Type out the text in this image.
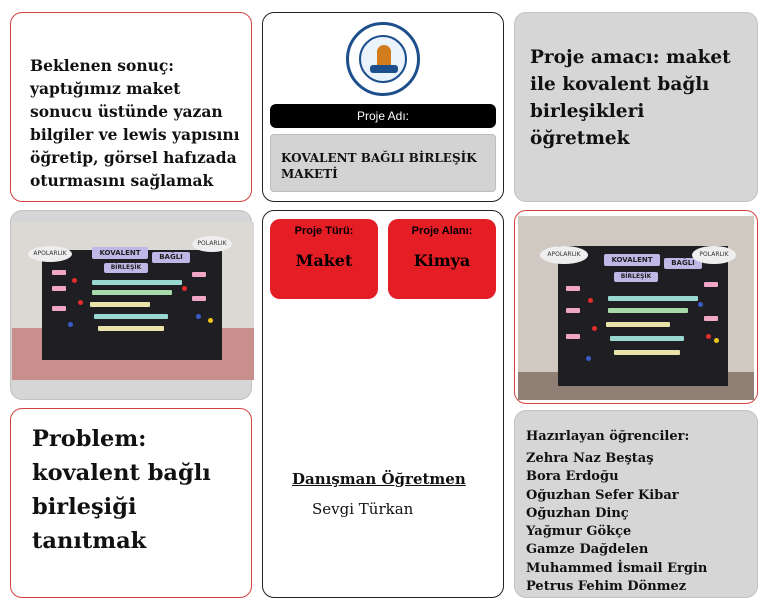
Beklenen sonuç: yaptığımız maket sonucu üstünde yazan bilgiler ve lewis yapısını öğretip, görsel hafızada oturmasını sağlamak
KOVALENT	BAĞLI
BİRLEŞİK
APOLARLIK
POLARLIK
Problem: kovalent bağlı birleşiği tanıtmak
Proje Adı:
KOVALENT BAĞLI BİRLEŞİK MAKETİ
Proje Türü:
Maket
Proje Alanı:
Kimya
Danışman Öğretmen
Sevgi Türkan
Proje amacı: maket ile kovalent bağlı birleşikleri öğretmek
KOVALENT	BAĞLI
BİRLEŞİK
APOLARLIK	POLARLIK
Hazırlayan öğrenciler:
Zehra Naz Beştaş
Bora Erdoğu
Oğuzhan Sefer Kibar
Oğuzhan Dinç
Yağmur Gökçe
Gamze Dağdelen
Muhammed İsmail Ergin
Petrus Fehim Dönmez
